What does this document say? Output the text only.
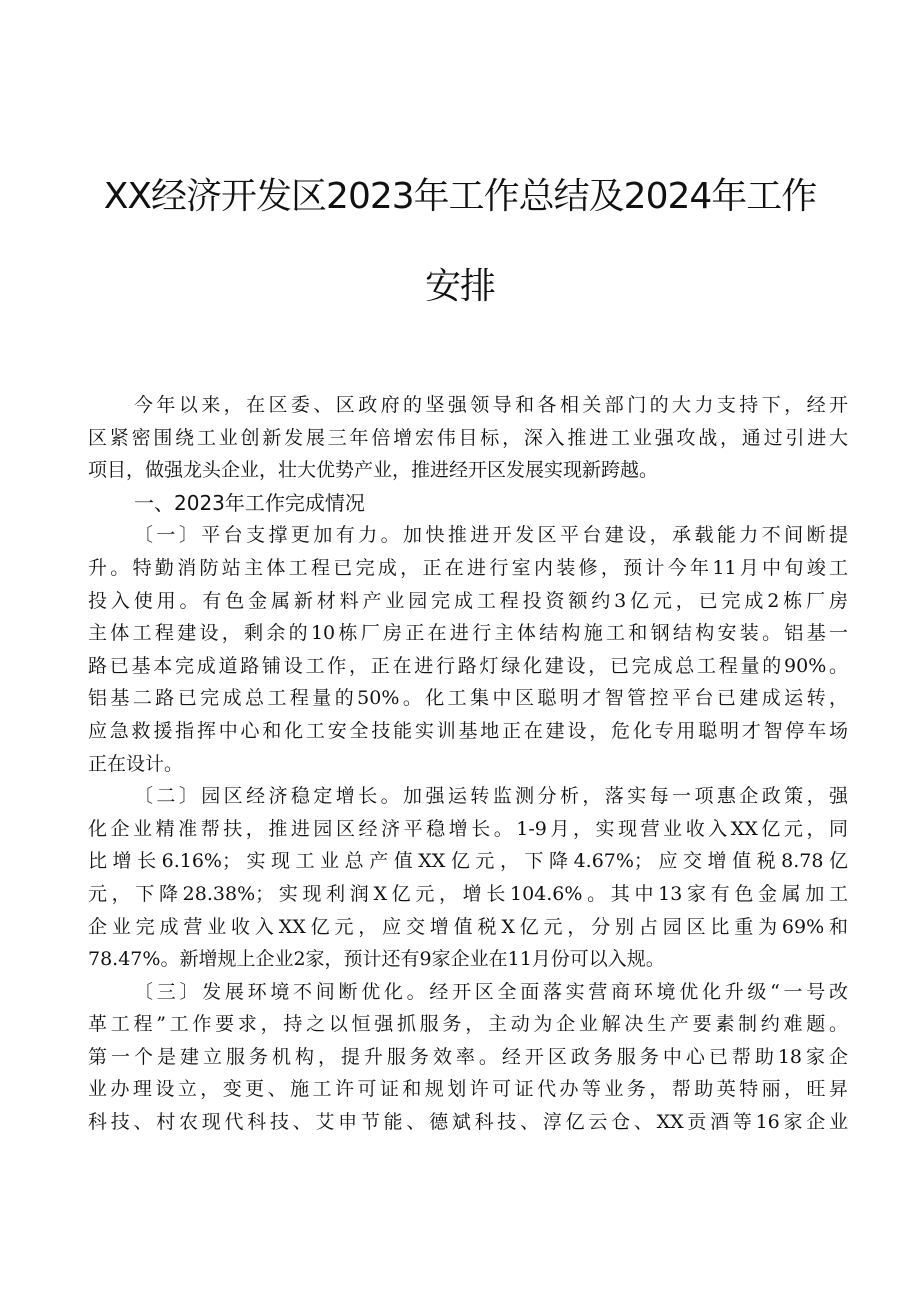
XX经济开发区2023年工作总结及2024年工作
安排
今年以来，在区委、区政府的坚强领导和各相关部门的大力支持下，经开
区紧密围绕工业创新发展三年倍增宏伟目标，深入推进工业强攻战，通过引进大
项目，做强龙头企业，壮大优势产业，推进经开区发展实现新跨越。
一、2023年工作完成情况
〔一〕平台支撑更加有力。加快推进开发区平台建设，承载能力不间断提
升。特勤消防站主体工程已完成，正在进行室内装修，预计今年11月中旬竣工
投入使用。有色金属新材料产业园完成工程投资额约3亿元，已完成2栋厂房
主体工程建设，剩余的10栋厂房正在进行主体结构施工和钢结构安装。铝基一
路已基本完成道路铺设工作，正在进行路灯绿化建设，已完成总工程量的90%。
铝基二路已完成总工程量的50%。化工集中区聪明才智管控平台已建成运转，
应急救援指挥中心和化工安全技能实训基地正在建设，危化专用聪明才智停车场
正在设计。
〔二〕园区经济稳定增长。加强运转监测分析，落实每一项惠企政策，强
化企业精准帮扶，推进园区经济平稳增长。1-9月，实现营业收入XX亿元，同
比增长6.16%；实现工业总产值XX亿元，下降4.67%；应交增值税8.78亿
元，下降28.38%；实现利润X亿元，增长104.6%。其中13家有色金属加工
企业完成营业收入XX亿元，应交增值税X亿元，分别占园区比重为69%和
78.47%。新增规上企业2家，预计还有9家企业在11月份可以入规。
〔三〕发展环境不间断优化。经开区全面落实营商环境优化升级“一号改
革工程”工作要求，持之以恒强抓服务，主动为企业解决生产要素制约难题。
第一个是建立服务机构，提升服务效率。经开区政务服务中心已帮助18家企
业办理设立，变更、施工许可证和规划许可证代办等业务，帮助英特丽，旺昇
科技、村农现代科技、艾申节能、德斌科技、淳亿云仓、XX贡酒等16家企业
